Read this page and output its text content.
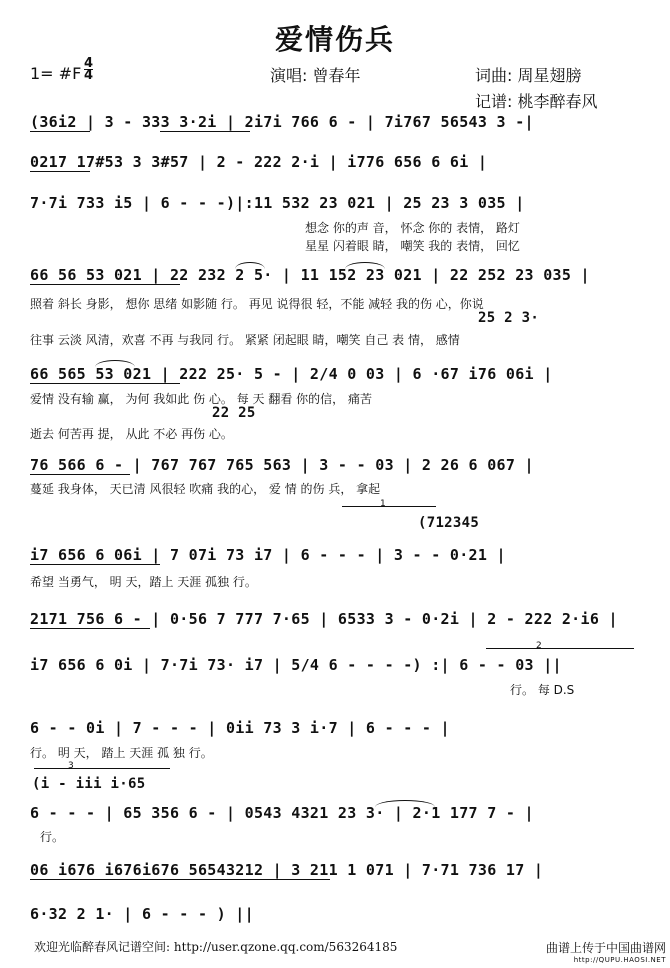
爱情伤兵
1= #F
4
4	演唱: 曾春年	词曲: 周星翅膀
记谱: 桃李醉春风
(36i2 | 3 - 333 3·2i | 2i7i 766 6 - | 7i767 56543 3 -|
0217 17#53 3 3#57 | 2 - 222 2·i | i776 656 6 6i |
7·7i 733 i5 | 6 - - -)|:11 532 23 021 | 25 23 3 035 |
想念 你的声 音， 怀念 你的 表情， 路灯
星星 闪着眼 睛， 嘲笑 我的 表情， 回忆
66 56 53 021 | 22 232 2 5· | 11 152 23 021 | 22 252 23 035 |
照着 斜长 身影， 想你 思绪 如影随 行。 再见 说得很 轻，不能 减轻 我的伤 心，你说
25 2 3·
往事 云淡 风清，欢喜 不再 与我同 行。 紧紧 闭起眼 睛，嘲笑 自己 表 情， 感情
66 565 53 021 | 222 25· 5 - | 2/4 0 03 | 6 ·67 i76 06i |
爱情 没有输 赢， 为何 我如此 伤 心。 每 天 翻看 你的信， 痛苦
22 25
逝去 何苦再 提， 从此 不必 再伤 心。
76 566 6 - | 767 767 765 563 | 3 - - 03 | 2 26 6 067 |
蔓延 我身体， 天已清 风很轻 吹痛 我的心， 爱 情 的伤 兵， 拿起
1
(712345
i7 656 6 06i | 7 07i 73 i7 | 6 - - - | 3 - - 0·21 |
希望 当勇气， 明 天，踏上 天涯 孤独 行。
2171 756 6 - | 0·56 7 777 7·65 | 6533 3 - 0·2i | 2 - 222 2·i6 |
2
i7 656 6 0i | 7·7i 73· i7 | 5/4 6 - - - -) :| 6 - - 03 ||
行。 每 D.S
6 - - 0i | 7 - - - | 0ii 73 3 i·7 | 6 - - - |
行。 明 天， 踏上 天涯 孤 独 行。
3
(i - iii i·65
6 - - - | 65 356 6 - | 0543 4321 23 3· | 2·1 177 7 - |
行。
06 i676 i676i676 56543212 | 3 211 1 071 | 7·71 736 17 |
6·32 2 1· | 6 - - - ) ||
欢迎光临醉春风记谱空间: http://user.qzone.qq.com/563264185	曲谱上传于中国曲谱网
http://QUPU.HAOSI.NET
